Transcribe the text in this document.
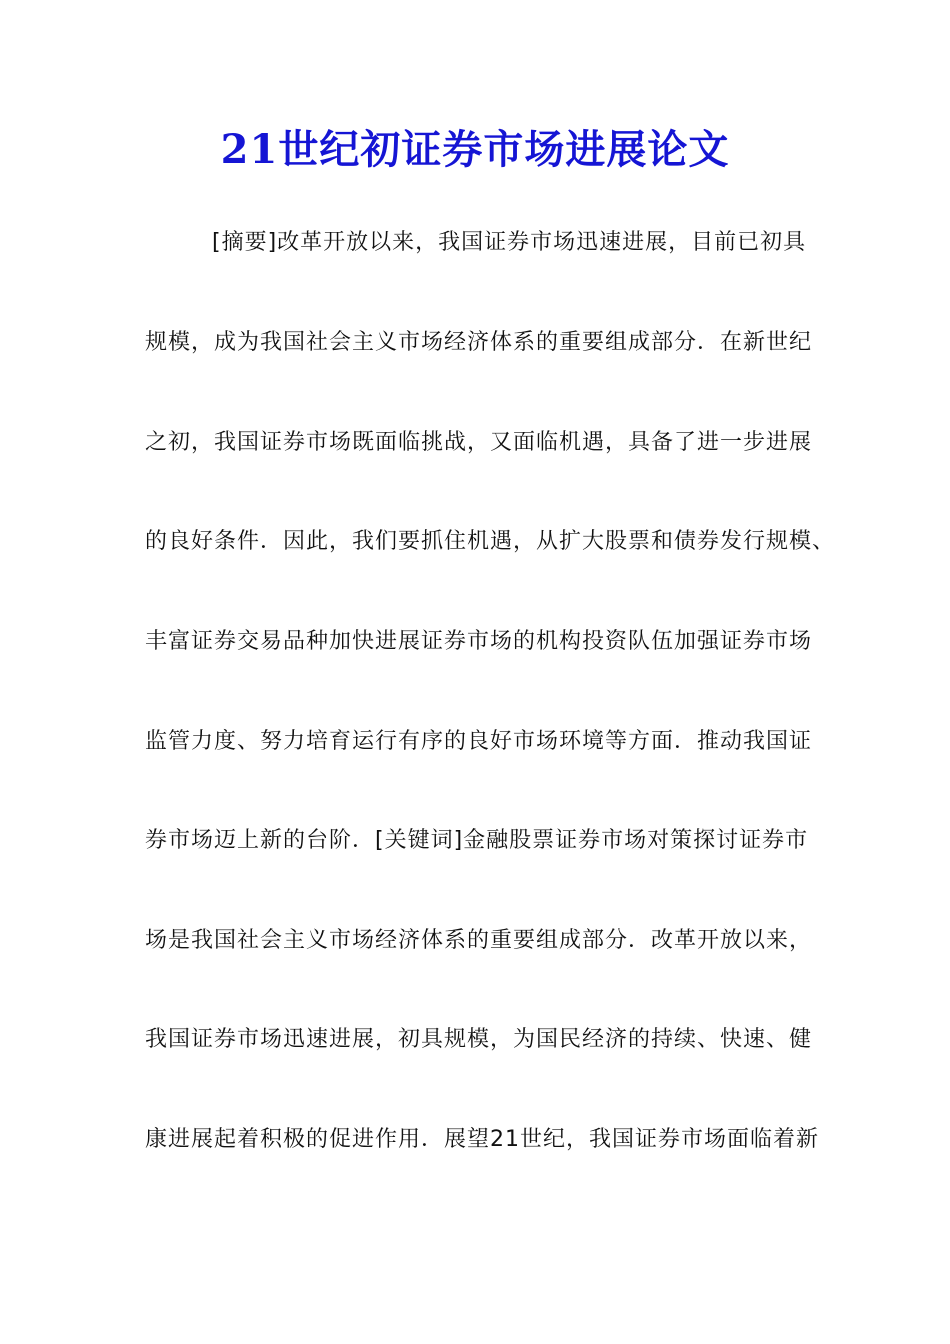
21世纪初证券市场进展论文
[摘要]改革开放以来，我国证券市场迅速进展，目前已初具
规模，成为我国社会主义市场经济体系的重要组成部分．在新世纪
之初，我国证券市场既面临挑战，又面临机遇，具备了进一步进展
的良好条件．因此，我们要抓住机遇，从扩大股票和债券发行规模、
丰富证券交易品种加快进展证券市场的机构投资队伍加强证券市场
监管力度、努力培育运行有序的良好市场环境等方面．推动我国证
券市场迈上新的台阶．[关键词]金融股票证券市场对策探讨证券市
场是我国社会主义市场经济体系的重要组成部分．改革开放以来，
我国证券市场迅速进展，初具规模，为国民经济的持续、快速、健
康进展起着积极的促进作用．展望21世纪，我国证券市场面临着新
